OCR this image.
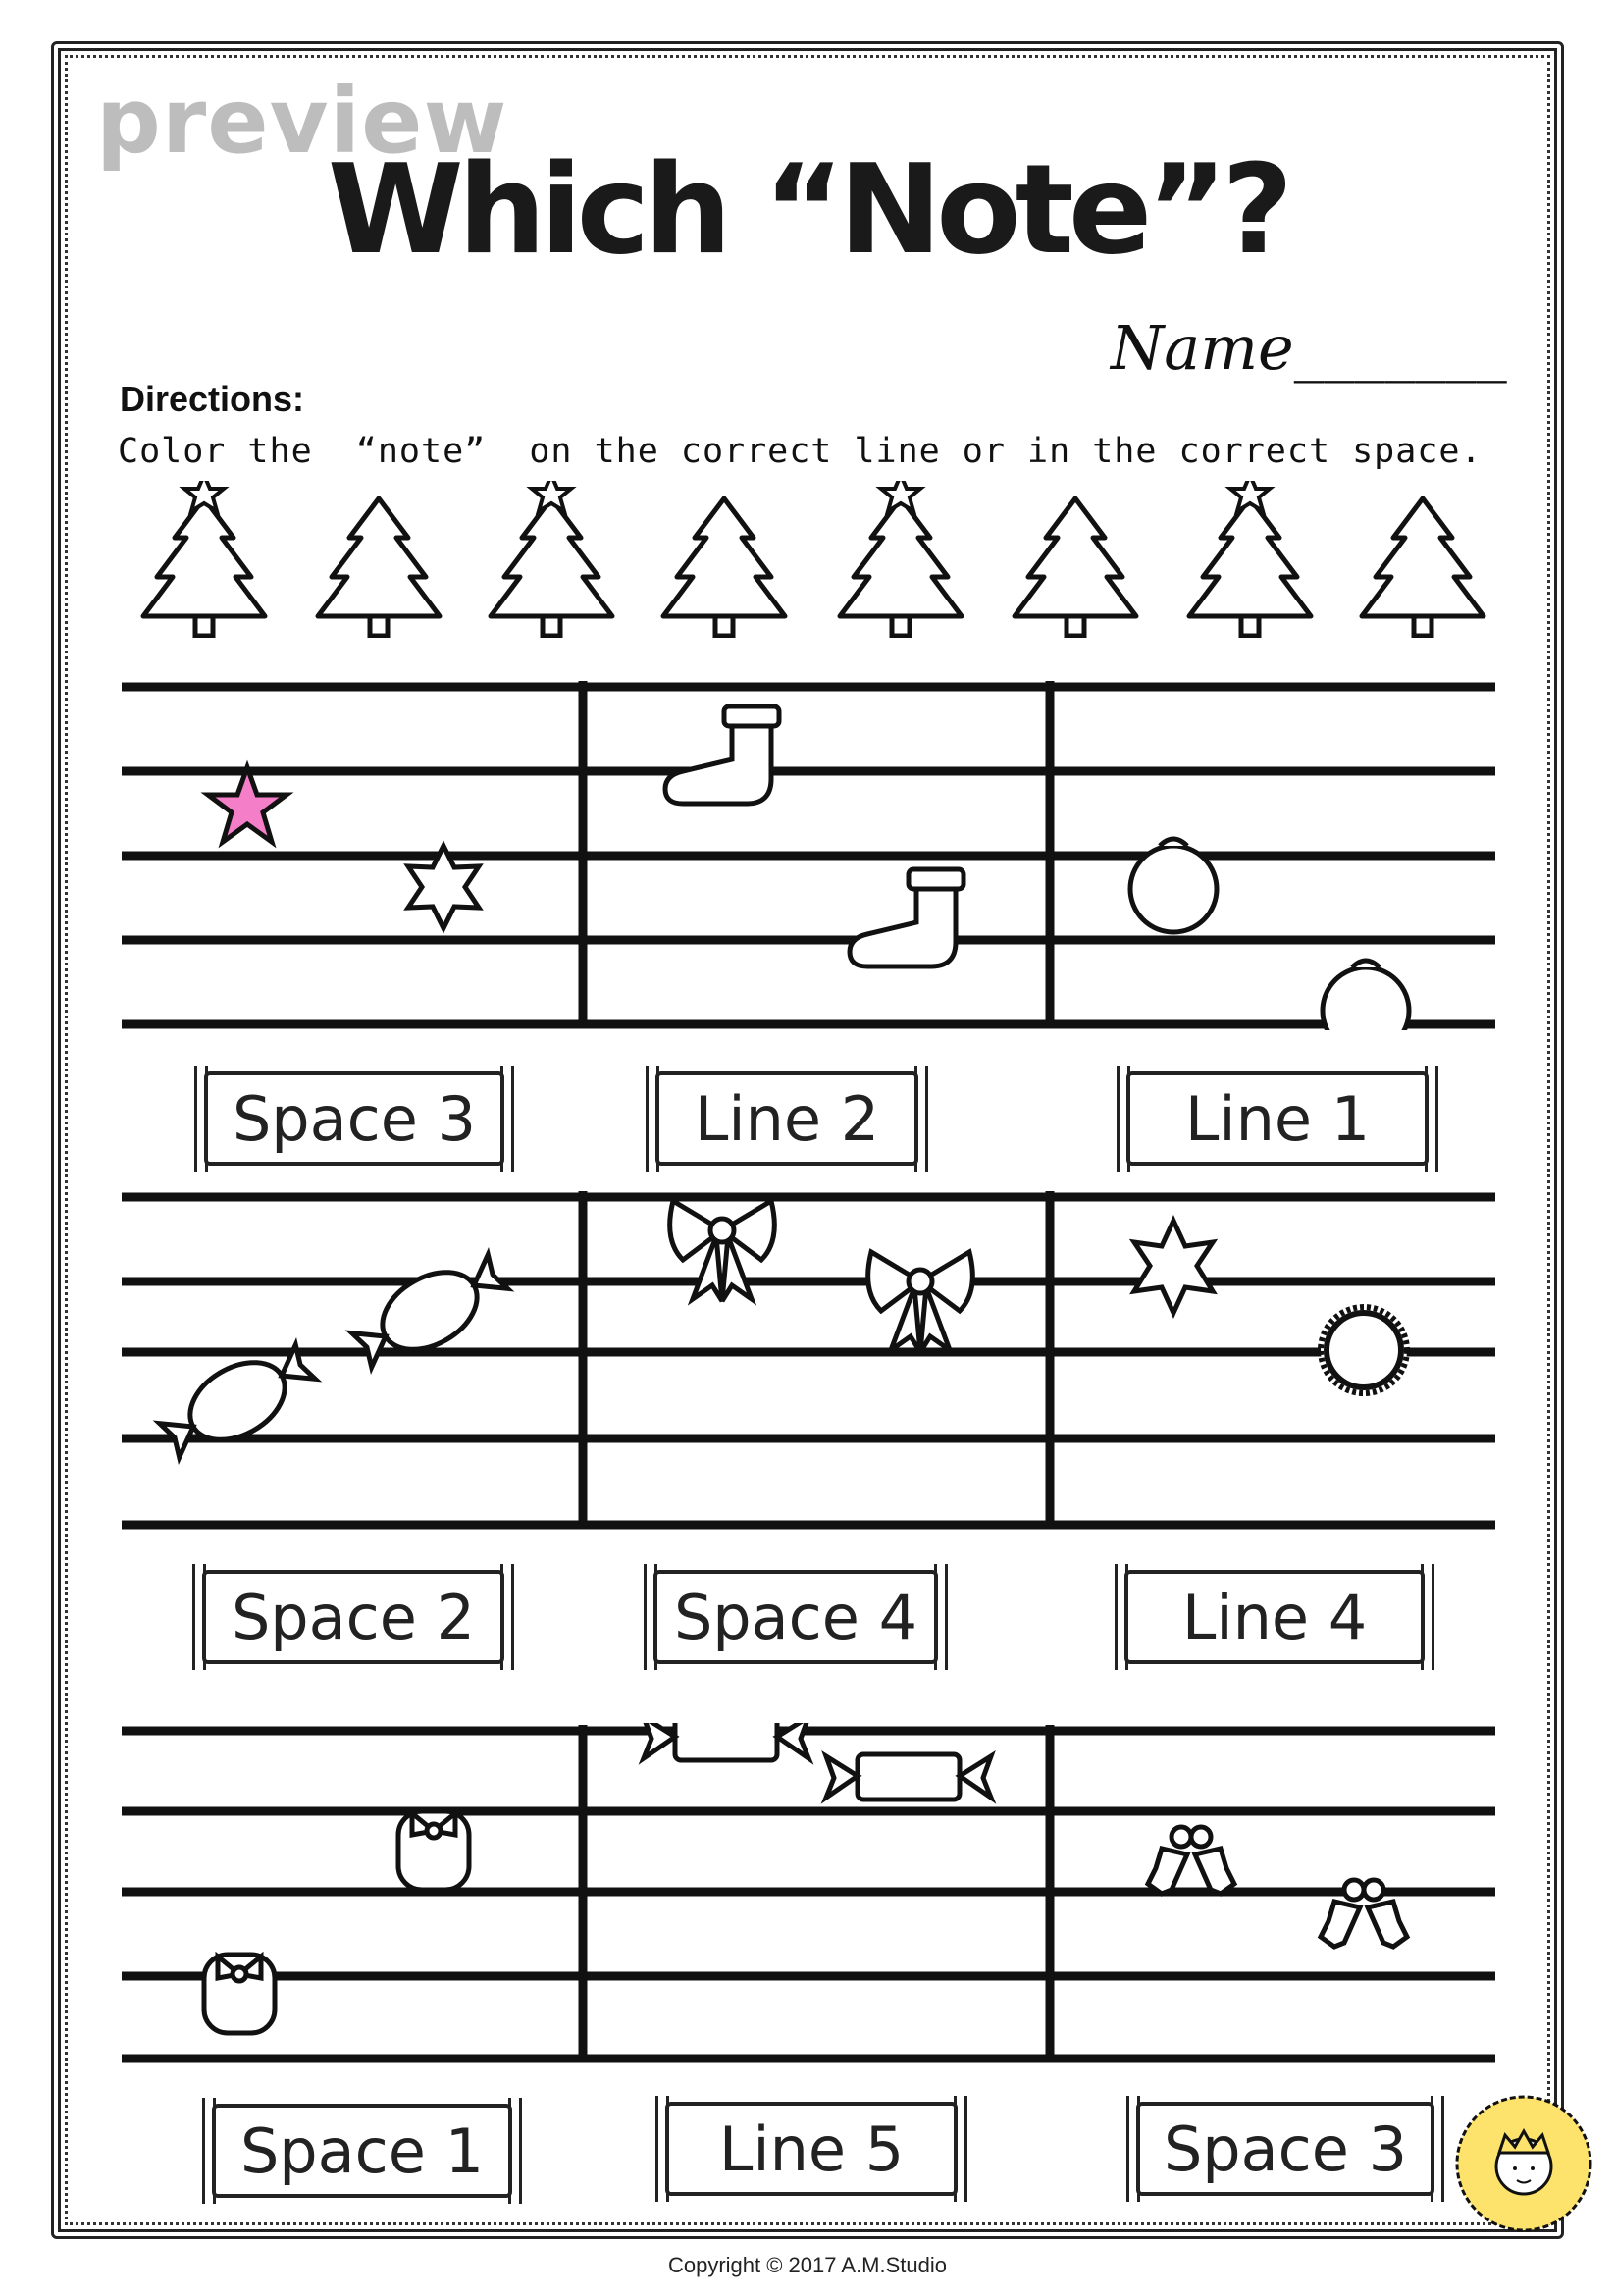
preview
Which “Note”?
Name_______
Directions:
Color the  “note”  on the correct line or in the correct space.
Space 3	Line 2	Line 1
Space 2	Space 4	Line 4
Space 1	Line 5	Space 3
Copyright © 2017 A.M.Studio
